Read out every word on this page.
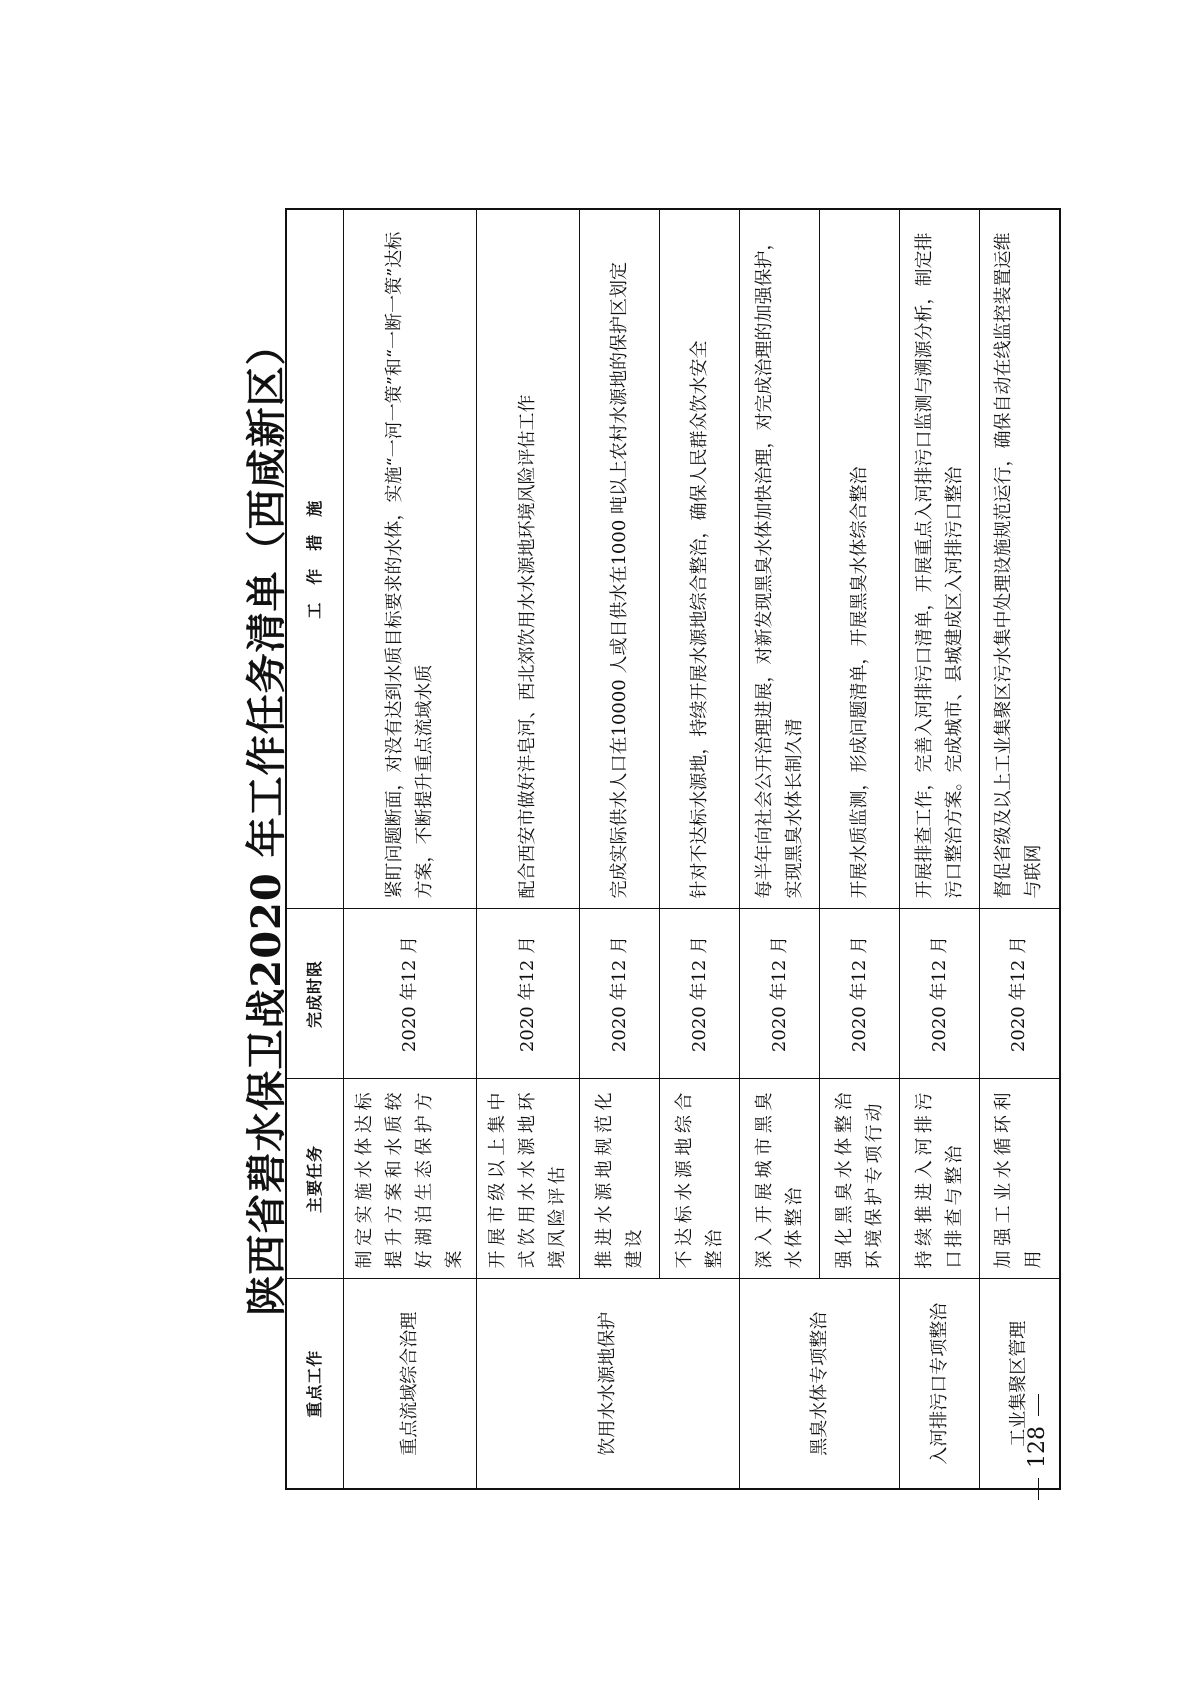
陕西省碧水保卫战2020 年工作任务清单（西咸新区）
重点工作	主要任务	完成时限	工　作　措　施
重点流域综合治理	制定实施水体达标提升方案和水质较好湖泊生态保护方案	2020 年12 月	紧盯问题断面，对没有达到水质目标要求的水体，实施“一河一策”和“一断一策”达标方案，不断提升重点流域水质
饮用水水源地保护	开展市级以上集中式饮用水水源地环境风险评估	2020 年12 月	配合西安市做好沣皂河、西北郊饮用水水源地环境风险评估工作
	推进水源地规范化建设	2020 年12 月	完成实际供水人口在10000 人或日供水在1000 吨以上农村水源地的保护区划定
	不达标水源地综合整治	2020 年12 月	针对不达标水源地，持续开展水源地综合整治，确保人民群众饮水安全
黑臭水体专项整治	深入开展城市黑臭水体整治	2020 年12 月	每半年向社会公开治理进展，对新发现黑臭水体加快治理，对完成治理的加强保护，实现黑臭水体长制久清
	强化黑臭水体整治环境保护专项行动	2020 年12 月	开展水质监测，形成问题清单，开展黑臭水体综合整治
入河排污口专项整治	持续推进入河排污口排查与整治	2020 年12 月	开展排查工作，完善入河排污口清单，开展重点入河排污口监测与溯源分析，制定排污口整治方案。完成城市、县城建成区入河排污口整治
工业集聚区管理	加强工业水循环利用	2020 年12 月	督促省级及以上工业集聚区污水集中处理设施规范运行，确保自动在线监控装置运维与联网
128
